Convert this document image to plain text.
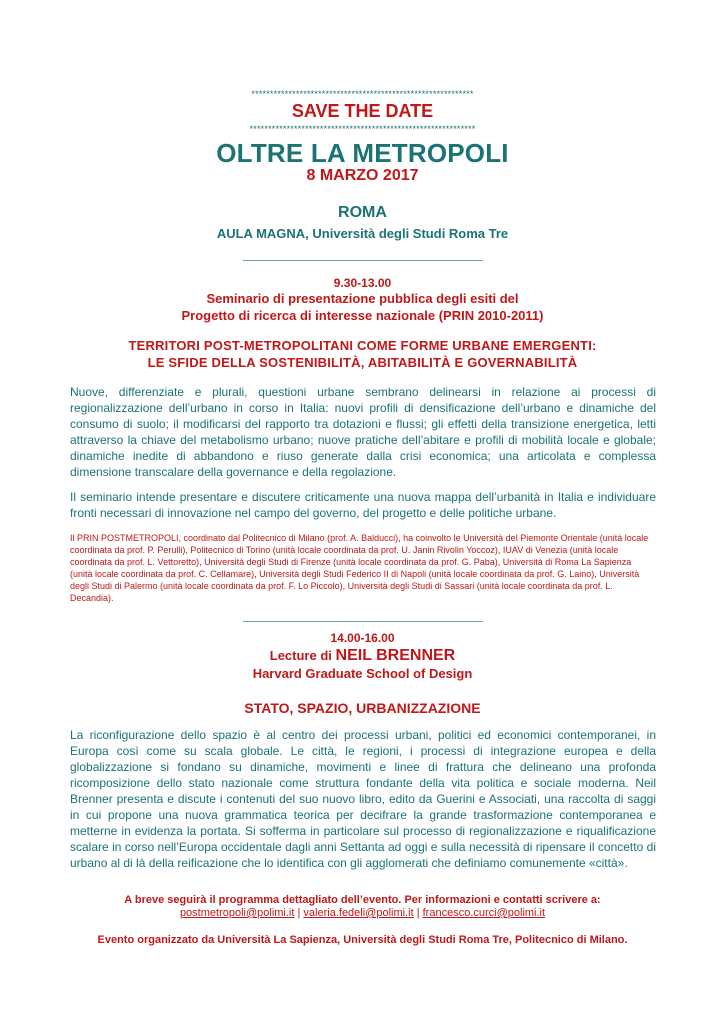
************************************************************
SAVE THE DATE
*************************************************************
OLTRE LA METROPOLI
8 MARZO 2017
ROMA
AULA MAGNA, Università degli Studi Roma Tre
9.30-13.00
Seminario di presentazione pubblica degli esiti del
Progetto di ricerca di interesse nazionale (PRIN 2010-2011)
TERRITORI POST-METROPOLITANI COME FORME URBANE EMERGENTI:
LE SFIDE DELLA SOSTENIBILITÀ, ABITABILITÀ E GOVERNABILITÀ

Nuove, differenziate e plurali, questioni urbane sembrano delinearsi in relazione ai processi di regionalizzazione dell’urbano in corso in Italia: nuovi profili di densificazione dell’urbano e dinamiche del consumo di suolo; il modificarsi del rapporto tra dotazioni e flussi; gli effetti della transizione energetica, letti attraverso la chiave del metabolismo urbano; nuove pratiche dell’abitare e profili di mobilità locale e globale; dinamiche inedite di abbandono e riuso generate dalla crisi economica; una articolata e complessa dimensione transcalare della governance e della regolazione.

Il seminario intende presentare e discutere criticamente una nuova mappa dell’urbanità in Italia e individuare fronti necessari di innovazione nel campo del governo, del progetto e delle politiche urbane.

Il PRIN POSTMETROPOLI, coordinato dal Politecnico di Milano (prof. A. Balducci), ha coinvolto le Università del Piemonte Orientale (unità locale coordinata da prof. P. Perulli), Politecnico di Torino (unità locale coordinata da prof. U. Janin Rivolin Yoccoz), IUAV di Venezia (unità locale coordinata da prof. L. Vettoretto), Università degli Studi di Firenze (unità locale coordinata da prof. G. Paba), Università di Roma La Sapienza (unità locale coordinata da prof. C. Cellamare), Università degli Studi Federico II di Napoli (unità locale coordinata da prof. G. Laino), Università degli Studi di Palermo (unità locale coordinata da prof. F. Lo Piccolo), Università degli Studi di Sassari (unità locale coordinata da prof. L. Decandia).

14.00-16.00
Lecture di NEIL BRENNER
Harvard Graduate School of Design
STATO, SPAZIO, URBANIZZAZIONE

La riconfigurazione dello spazio è al centro dei processi urbani, politici ed economici contemporanei, in Europa così come su scala globale. Le città, le regioni, i processi di integrazione europea e della globalizzazione si fondano su dinamiche, movimenti e linee di frattura che delineano una profonda ricomposizione dello stato nazionale come struttura fondante della vita politica e sociale moderna. Neil Brenner presenta e discute i contenuti del suo nuovo libro, edito da Guerini e Associati, una raccolta di saggi in cui propone una nuova grammatica teorica per decifrare la grande trasformazione contemporanea e metterne in evidenza la portata. Si sofferma in particolare sul processo di regionalizzazione e riqualificazione scalare in corso nell’Europa occidentale dagli anni Settanta ad oggi e sulla necessità di ripensare il concetto di urbano al di là della reificazione che lo identifica con gli agglomerati che definiamo comunemente «città».

A breve seguirà il programma dettagliato dell’evento. Per informazioni e contatti scrivere a:
postmetropoli@polimi.it | valeria.fedeli@polimi.it | francesco.curci@polimi.it
Evento organizzato da Università La Sapienza, Università degli Studi Roma Tre, Politecnico di Milano.
